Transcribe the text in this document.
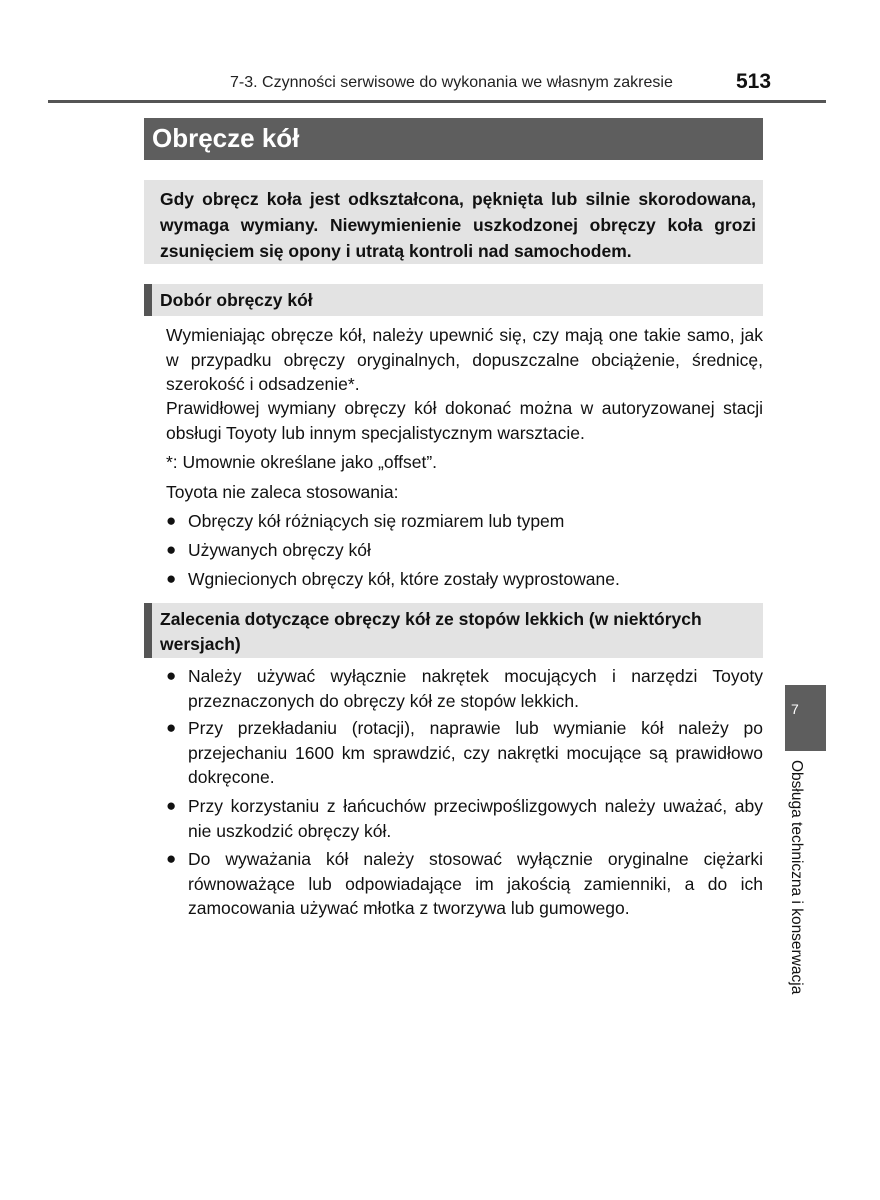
7-3. Czynności serwisowe do wykonania we własnym zakresie	513
Obręcze kół
Gdy obręcz koła jest odkształcona, pęknięta lub silnie skorodowana, wymaga wymiany. Niewymienienie uszkodzonej obręczy koła grozi zsunięciem się opony i utratą kontroli nad samochodem.
Dobór obręczy kół
Wymieniając obręcze kół, należy upewnić się, czy mają one takie samo, jak w przypadku obręczy oryginalnych, dopuszczalne obciążenie, średnicę, szerokość i odsadzenie*.
Prawidłowej wymiany obręczy kół dokonać można w autoryzowanej stacji obsługi Toyoty lub innym specjalistycznym warsztacie.
*: Umownie określane jako „offset”.
Toyota nie zaleca stosowania:
● Obręczy kół różniących się rozmiarem lub typem
● Używanych obręczy kół
● Wgniecionych obręczy kół, które zostały wyprostowane.
Zalecenia dotyczące obręczy kół ze stopów lekkich (w niektórych wersjach)
● Należy używać wyłącznie nakrętek mocujących i narzędzi Toyoty przeznaczonych do obręczy kół ze stopów lekkich.
● Przy przekładaniu (rotacji), naprawie lub wymianie kół należy po przejechaniu 1600 km sprawdzić, czy nakrętki mocujące są prawidłowo dokręcone.
● Przy korzystaniu z łańcuchów przeciwpoślizgowych należy uważać, aby nie uszkodzić obręczy kół.
● Do wyważania kół należy stosować wyłącznie oryginalne ciężarki równoważące lub odpowiadające im jakością zamienniki, a do ich zamocowania używać młotka z tworzywa lub gumowego.
7
Obsługa techniczna i konserwacja
